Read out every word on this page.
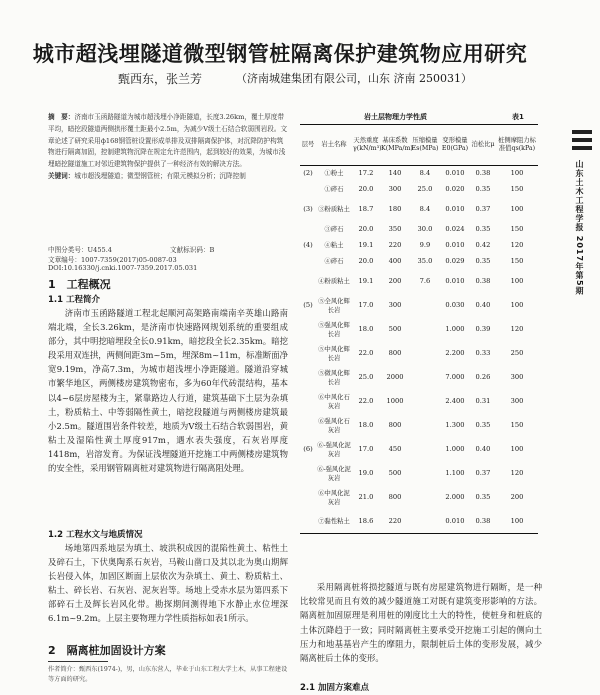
城市超浅埋隧道微型钢管桩隔离保护建筑物应用研究
甄西东，张兰芳	（济南城建集团有限公司，山东 济南 250031）
摘　要：济南市玉函路隧道为城市超浅埋小净距隧道，长度3.26km，覆土厚度带平均，暗挖段隧道两侧拱形覆土距最小2.5m，为减少V级土石结合软弱围岩段。文章论述了研究采用ф168钢管桩设置形成单排及双排隔离保护体，对沉降防护构筑物进行隔离加固，控制建筑物沉降在规定允许范围内，起到较好的效果，为城市浅埋暗挖隧道施工对邻近建筑物保护提供了一种经济有效的解决方法。
关键词：城市超浅埋隧道；微型钢管桩；有限元模拟分析；沉降控制
中图分类号：U455.4	文献标识码：B
文章编号：1007-7359(2017)05-0087-03
DOI:10.16330/j.cnki.1007-7359.2017.05.031
1　工程概况
1.1 工程简介
济南市玉函路隧道工程北起顺河高架路南端南辛英雄山路南端北端，全长3.26km，是济南市快速路网规划系统的重要组成部分，其中明挖暗埋段全长0.91km，暗挖段全长2.35km。暗挖段采用双连拱，两侧间距3m~5m，埋深8m~11m，标准断面净宽9.19m，净高7.3m，为城市超浅埋小净距隧道。隧道沿穿城市繁华地区，两侧楼房建筑物密布，多为60年代砖混结构，基本以4~6层房屋楼为主，紧靠路边人行道，建筑基础下土层为杂填土，粉质粘土、中等弱隔性黄土，暗挖段隧道与两侧楼房建筑最小2.5m。隧道围岩条件较差，地质为V级土石结合软弱围岩，黄粘土及湿陷性黄土厚度917m，遇水表失强度，石灰岩厚度1418m，岩溶发育。为保证浅埋隧道开挖施工中两侧楼房建筑物的安全性，采用钢管隔离桩对建筑物进行隔离阻处理。
1.2 工程水文与地质情况
场地第四系地层为填土、坡洪积成因的混陷性黄土、粘性土及碎石土，下伏奥陶系石灰岩，马鞍山凿口及其以北为奥山期辉长岩侵入体，加固区断面上层依次为杂填土、黄土、粉质粘土、粘土、碎长岩、石灰岩、泥灰岩等。场地上受赤水层为第四系下部碎石土及辉长岩风化带。勘探期间测得地下水静止水位埋深6.1m~9.2m。上层主要物理力学性质指标如表1所示。
2　隔离桩加固设计方案
作者简介：甄西东(1974-)，男，山东东营人，毕业于山东工程大学土木，从事工程建设等方面的研究。
岩土层物理力学性质	表1
层号	岩土名称	天然重度γ(kN/m³)	基床系数K(MPa/m)	压缩模量Es(MPa)	变形模量E0(GPa)	泊松比μ	桩侧摩阻力标准值qs(kPa)
(2)	①粉土	17.2	140	8.4	0.010	0.38	100
	①碎石	20.0	300	25.0	0.020	0.35	150
(3)	③粉质粘土	18.7	180	8.4	0.010	0.37	100
	③碎石	20.0	350	30.0	0.024	0.35	150
(4)	④粘土	19.1	220	9.9	0.010	0.42	120
	④碎石	20.0	400	35.0	0.029	0.35	150
	④粉质粘土	19.1	200	7.6	0.010	0.38	100
(5)	⑤全风化辉长岩	17.0	300		0.030	0.40	100
	⑤强风化辉长岩	18.0	500		1.000	0.39	120
	⑤中风化辉长岩	22.0	800		2.200	0.33	250
	⑤微风化辉长岩	25.0	2000		7.000	0.26	300
	⑥中风化石灰岩	22.0	1000		2.400	0.31	300
	⑥强风化石灰岩	18.0	800		1.300	0.35	150
(6)	⑥-强风化泥灰岩	17.0	450		1.000	0.40	100
	⑥-强风化泥灰岩	19.0	500		1.100	0.37	120
	⑥中风化泥灰岩	21.0	800		2.000	0.35	200
	⑦黏性粘土	18.6	220		0.010	0.38	100
采用隔离桩将损挖隧道与既有房屋建筑物进行隔断，是一种比较常见而且有效的减少隧道施工对既有建筑变形影响的方法。隔离桩加固原理是利用桩的刚度比土大的特性，使桩身和桩底的土体沉降趋于一致；同时隔离桩主要承受开挖施工引起的侧向土压力和地基基岩产生的摩阻力，限制桩后土体的变形发展，减少隔离桩后土体的变形。
2.1 加固方案难点
山东土木工程学报 2017年第5期
